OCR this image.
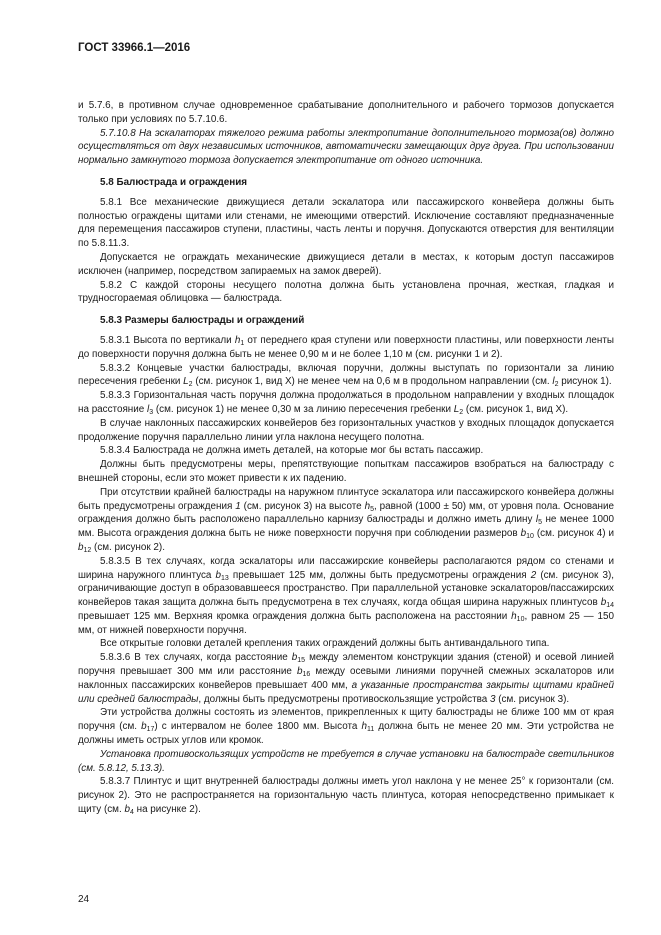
ГОСТ 33966.1—2016

и 5.7.6, в противном случае одновременное срабатывание дополнительного и рабочего тормозов допускается только при условиях по 5.7.10.6.

5.7.10.8 На эскалаторах тяжелого режима работы электропитание дополнительного тормоза(ов) должно осуществляться от двух независимых источников, автоматически замещающих друг друга. При использовании нормально замкнутого тормоза допускается электропитание от одного источника.

5.8 Балюстрада и ограждения

5.8.1 Все механические движущиеся детали эскалатора или пассажирского конвейера должны быть полностью ограждены щитами или стенами, не имеющими отверстий. Исключение составляют предназначенные для перемещения пассажиров ступени, пластины, часть ленты и поручня. Допускаются отверстия для вентиляции по 5.8.11.3.

Допускается не ограждать механические движущиеся детали в местах, к которым доступ пассажиров исключен (например, посредством запираемых на замок дверей).

5.8.2 С каждой стороны несущего полотна должна быть установлена прочная, жесткая, гладкая и трудносгораемая облицовка — балюстрада.

5.8.3 Размеры балюстрады и ограждений

5.8.3.1 Высота по вертикали $h_1$ от переднего края ступени или поверхности пластины, или поверхности ленты до поверхности поручня должна быть не менее 0,90 м и не более 1,10 м (см. рисунки 1 и 2).

5.8.3.2 Концевые участки балюстрады, включая поручни, должны выступать по горизонтали за линию пересечения гребенки $L_2$ (см. рисунок 1, вид X) не менее чем на 0,6 м в продольном направлении (см. $l_2$ рисунок 1).

5.8.3.3 Горизонтальная часть поручня должна продолжаться в продольном направлении у входных площадок на расстояние $l_3$ (см. рисунок 1) не менее 0,30 м за линию пересечения гребенки $L_2$ (см. рисунок 1, вид X).

В случае наклонных пассажирских конвейеров без горизонтальных участков у входных площадок допускается продолжение поручня параллельно линии угла наклона несущего полотна.

5.8.3.4 Балюстрада не должна иметь деталей, на которые мог бы встать пассажир.

Должны быть предусмотрены меры, препятствующие попыткам пассажиров взобраться на балюстраду с внешней стороны, если это может привести к их падению.

При отсутствии крайней балюстрады на наружном плинтусе эскалатора или пассажирского конвейера должны быть предусмотрены ограждения 1 (см. рисунок 3) на высоте $h_5$, равной (1000 ± 50) мм, от уровня пола. Основание ограждения должно быть расположено параллельно карнизу балюстрады и должно иметь длину $l_5$ не менее 1000 мм. Высота ограждения должна быть не ниже поверхности поручня при соблюдении размеров $b_{10}$ (см. рисунок 4) и $b_{12}$ (см. рисунок 2).

5.8.3.5 В тех случаях, когда эскалаторы или пассажирские конвейеры располагаются рядом со стенами и ширина наружного плинтуса $b_{13}$ превышает 125 мм, должны быть предусмотрены ограждения 2 (см. рисунок 3), ограничивающие доступ в образовавшееся пространство. При параллельной установке эскалаторов/пассажирских конвейеров такая защита должна быть предусмотрена в тех случаях, когда общая ширина наружных плинтусов $b_{14}$ превышает 125 мм. Верхняя кромка ограждения должна быть расположена на расстоянии $h_{10}$, равном 25 — 150 мм, от нижней поверхности поручня.

Все открытые головки деталей крепления таких ограждений должны быть антивандального типа.

5.8.3.6 В тех случаях, когда расстояние $b_{15}$ между элементом конструкции здания (стеной) и осевой линией поручня превышает 300 мм или расстояние $b_{16}$ между осевыми линиями поручней смежных эскалаторов или наклонных пассажирских конвейеров превышает 400 мм, а указанные пространства закрыты щитами крайней или средней балюстрады, должны быть предусмотрены противоскользящие устройства 3 (см. рисунок 3).

Эти устройства должны состоять из элементов, прикрепленных к щиту балюстрады не ближе 100 мм от края поручня (см. $b_{17}$) с интервалом не более 1800 мм. Высота $h_{11}$ должна быть не менее 20 мм. Эти устройства не должны иметь острых углов или кромок.

Установка противоскользящих устройств не требуется в случае установки на балюстраде светильников (см. 5.8.12, 5.13.3).

5.8.3.7 Плинтус и щит внутренней балюстрады должны иметь угол наклона γ не менее 25° к горизонтали (см. рисунок 2). Это не распространяется на горизонтальную часть плинтуса, которая непосредственно примыкает к щиту (см. $b_4$ на рисунке 2).

24
